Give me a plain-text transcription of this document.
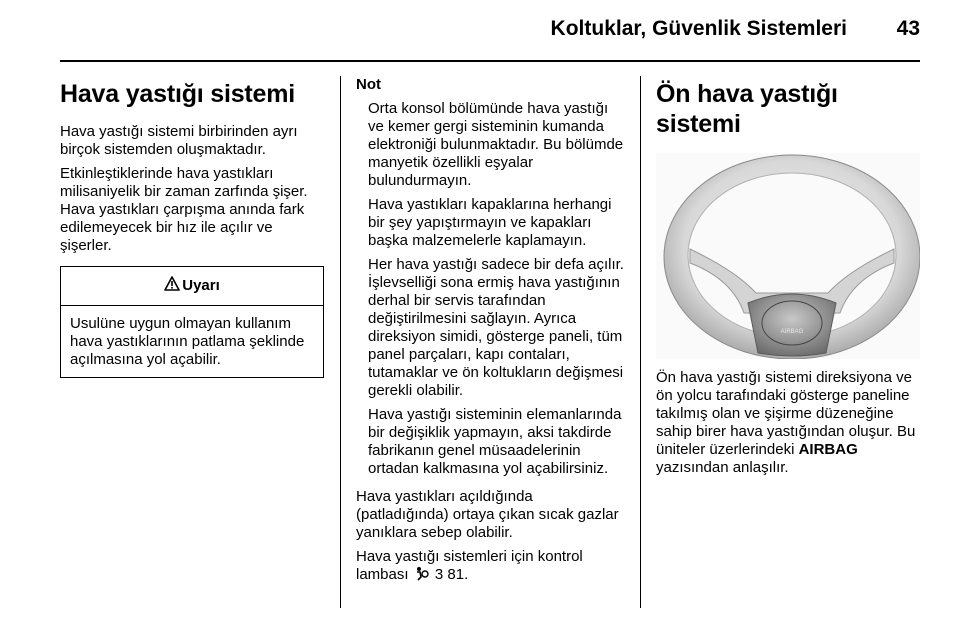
Koltuklar, Güvenlik Sistemleri 43
Hava yastığı sistemi

Hava yastığı sistemi birbirinden ayrı birçok sistemden oluşmaktadır.

Etkinleştiklerinde hava yastıkları milisaniyelik bir zaman zarfında şişer. Hava yastıkları çarpışma anında fark edilemeyecek bir hız ile açılır ve şişerler.

Uyarı

Usulüne uygun olmayan kullanım hava yastıklarının patlama şeklinde açılmasına yol açabilir.

Not

Orta konsol bölümünde hava yastığı ve kemer gergi sisteminin kumanda elektroniği bulunmaktadır. Bu bölümde manyetik özellikli eşyalar bulundurmayın.

Hava yastıkları kapaklarına herhangi bir şey yapıştırmayın ve kapakları başka malzemelerle kaplamayın.

Her hava yastığı sadece bir defa açılır. İşlevselliği sona ermiş hava yastığının derhal bir servis tarafından değiştirilmesini sağlayın. Ayrıca direksiyon simidi, gösterge paneli, tüm panel parçaları, kapı contaları, tutamaklar ve ön koltukların değişmesi gerekli olabilir.

Hava yastığı sisteminin elemanlarında bir değişiklik yapmayın, aksi takdirde fabrikanın genel müsaadelerinin ortadan kalkmasına yol açabilirsiniz.

Hava yastıkları açıldığında (patladığında) ortaya çıkan sıcak gazlar yanıklara sebep olabilir.

Hava yastığı sistemleri için kontrol lambası 3 81.

Ön hava yastığı sistemi
AIRBAG

Ön hava yastığı sistemi direksiyona ve ön yolcu tarafındaki gösterge paneline takılmış olan ve şişirme düzeneğine sahip birer hava yastığından oluşur. Bu üniteler üzerlerindeki AIRBAG yazısından anlaşılır.
